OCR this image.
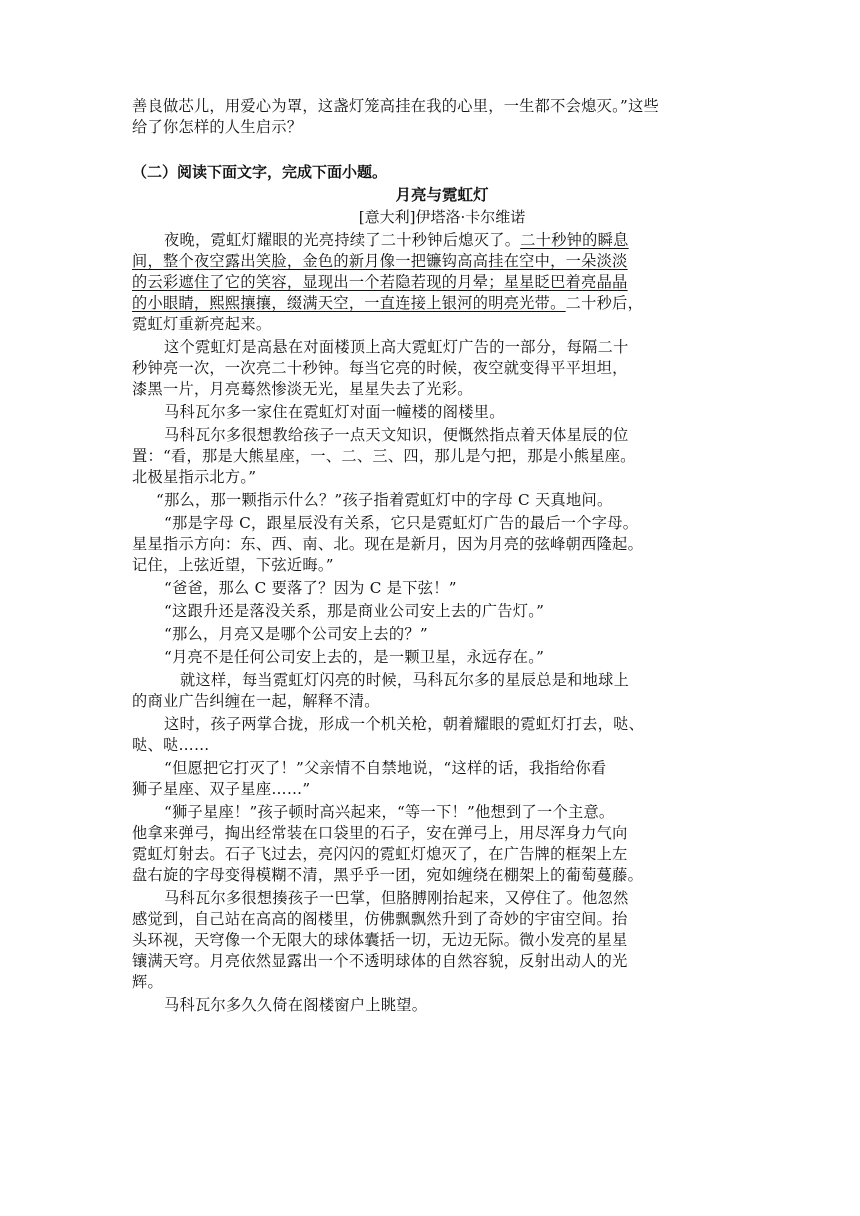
善良做芯儿，用爱心为罩，这盏灯笼高挂在我的心里，一生都不会熄灭。”这些
给了你怎样的人生启示？
（二）阅读下面文字，完成下面小题。
月亮与霓虹灯
[意大利]伊塔洛·卡尔维诺
夜晚，霓虹灯耀眼的光亮持续了二十秒钟后熄灭了。二十秒钟的瞬息
间，整个夜空露出笑脸，金色的新月像一把镰钩高高挂在空中，一朵淡淡
的云彩遮住了它的笑容，显现出一个若隐若现的月晕；星星眨巴着亮晶晶
的小眼睛，熙熙攘攘，缀满天空，一直连接上银河的明亮光带。二十秒后，
霓虹灯重新亮起来。
这个霓虹灯是高悬在对面楼顶上高大霓虹灯广告的一部分，每隔二十
秒钟亮一次，一次亮二十秒钟。每当它亮的时候，夜空就变得平平坦坦，
漆黑一片，月亮蓦然惨淡无光，星星失去了光彩。
马科瓦尔多一家住在霓虹灯对面一幢楼的阁楼里。
马科瓦尔多很想教给孩子一点天文知识，便慨然指点着天体星辰的位
置：“看，那是大熊星座，一、二、三、四，那儿是勺把，那是小熊星座。
北极星指示北方。”
“那么，那一颗指示什么？”孩子指着霓虹灯中的字母 C 天真地问。
“那是字母 C，跟星辰没有关系，它只是霓虹灯广告的最后一个字母。
星星指示方向：东、西、南、北。现在是新月，因为月亮的弦峰朝西隆起。
记住，上弦近望，下弦近晦。”
“爸爸，那么 C 要落了？因为 C 是下弦！”
“这跟升还是落没关系，那是商业公司安上去的广告灯。”
“那么，月亮又是哪个公司安上去的？”
“月亮不是任何公司安上去的，是一颗卫星，永远存在。”
就这样，每当霓虹灯闪亮的时候，马科瓦尔多的星辰总是和地球上
的商业广告纠缠在一起，解释不清。
这时，孩子两掌合拢，形成一个机关枪，朝着耀眼的霓虹灯打去，哒、
哒、哒……
“但愿把它打灭了！”父亲情不自禁地说，“这样的话，我指给你看
狮子星座、双子星座……”
“狮子星座！”孩子顿时高兴起来，“等一下！”他想到了一个主意。
他拿来弹弓，掏出经常装在口袋里的石子，安在弹弓上，用尽浑身力气向
霓虹灯射去。石子飞过去，亮闪闪的霓虹灯熄灭了，在广告牌的框架上左
盘右旋的字母变得模糊不清，黑乎乎一团，宛如缠绕在棚架上的葡萄蔓藤。
马科瓦尔多很想揍孩子一巴掌，但胳膊刚抬起来，又停住了。他忽然
感觉到，自己站在高高的阁楼里，仿佛飘飘然升到了奇妙的宇宙空间。抬
头环视，天穹像一个无限大的球体囊括一切，无边无际。微小发亮的星星
镶满天穹。月亮依然显露出一个不透明球体的自然容貌，反射出动人的光
辉。
马科瓦尔多久久倚在阁楼窗户上眺望。
